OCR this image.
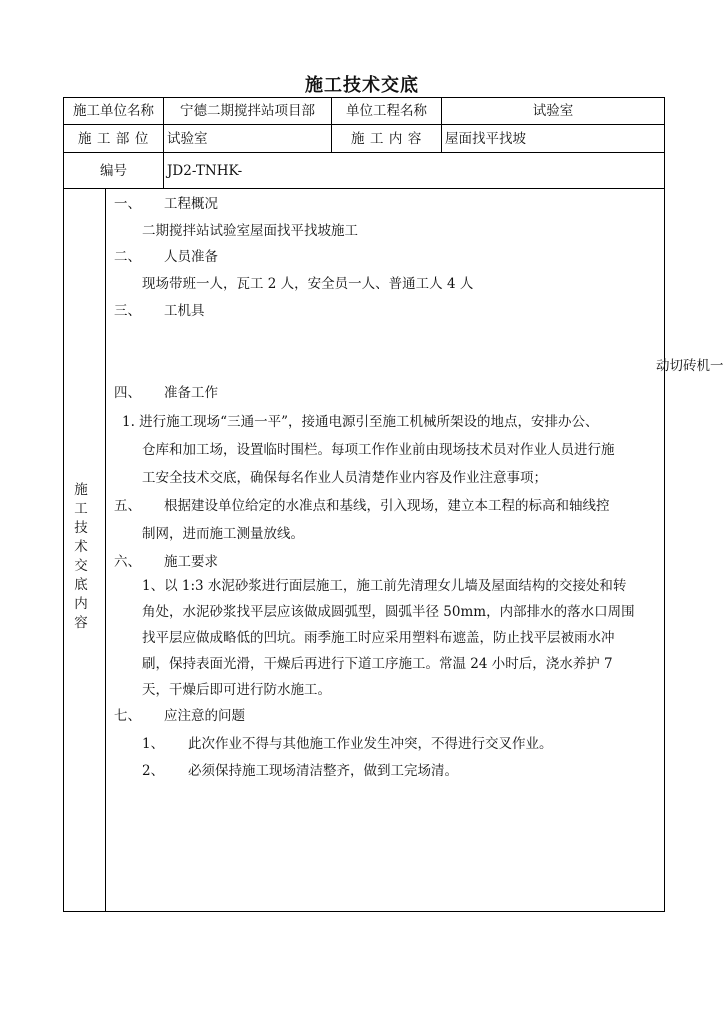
施工技术交底
施工单位名称	宁德二期搅拌站项目部	单位工程名称	试验室
施 工 部 位	试验室	施 工 内 容	屋面找平找坡
编号	JD2-TNHK-
施工技术交底内容
一、 工程概况
二期搅拌站试验室屋面找平找坡施工
二、 人员准备
现场带班一人，瓦工 2 人，安全员一人、普通工人 4 人
三、 工机具
动切砖机一
四、 准备工作
1. 进行施工现场“三通一平”，接通电源引至施工机械所架设的地点，安排办公、
仓库和加工场，设置临时围栏。每项工作作业前由现场技术员对作业人员进行施
工安全技术交底，确保每名作业人员清楚作业内容及作业注意事项；
五、 根据建设单位给定的水准点和基线，引入现场，建立本工程的标高和轴线控
制网，进而施工测量放线。
六、 施工要求
1、以 1:3 水泥砂浆进行面层施工，施工前先清理女儿墙及屋面结构的交接处和转
角处，水泥砂浆找平层应该做成圆弧型，圆弧半径 50mm，内部排水的落水口周围
找平层应做成略低的凹坑。雨季施工时应采用塑料布遮盖，防止找平层被雨水冲
刷，保持表面光滑，干燥后再进行下道工序施工。常温 24 小时后，浇水养护 7
天，干燥后即可进行防水施工。
七、 应注意的问题
1、 此次作业不得与其他施工作业发生冲突，不得进行交叉作业。
2、 必须保持施工现场清洁整齐，做到工完场清。
